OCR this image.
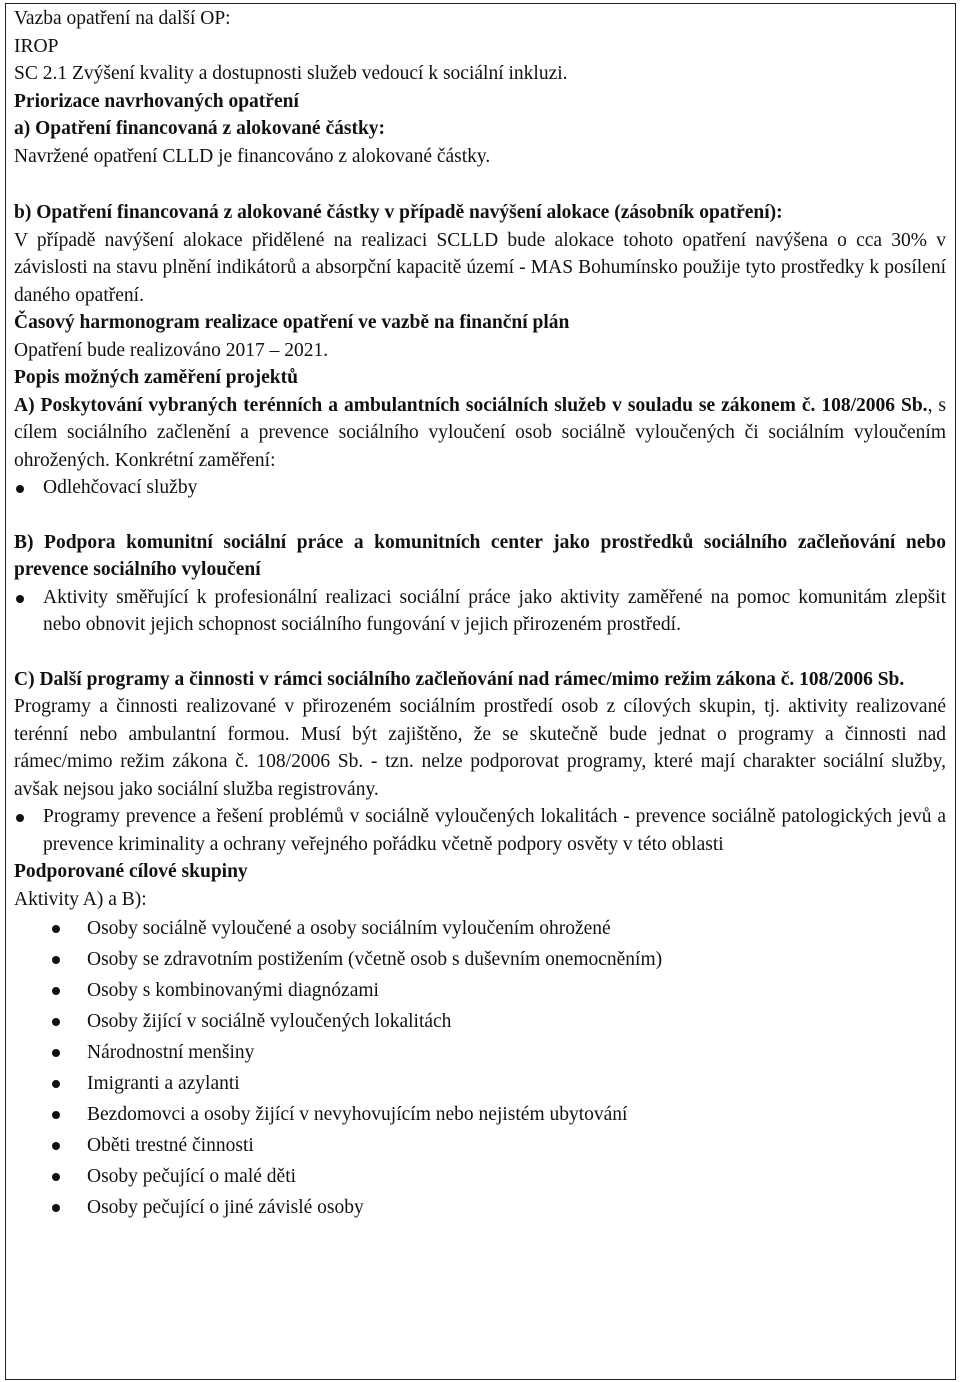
Vazba opatření na další OP:
IROP
SC 2.1 Zvýšení kvality a dostupnosti služeb vedoucí k sociální inkluzi.
Priorizace navrhovaných opatření
a) Opatření financovaná z alokované částky:
Navržené opatření CLLD je financováno z alokované částky.
b) Opatření financovaná z alokované částky v případě navýšení alokace (zásobník opatření):
V případě navýšení alokace přidělené na realizaci SCLLD bude alokace tohoto opatření navýšena o cca 30% v závislosti na stavu plnění indikátorů a absorpční kapacitě území - MAS Bohumínsko použije tyto prostředky k posílení daného opatření.
Časový harmonogram realizace opatření ve vazbě na finanční plán
Opatření bude realizováno 2017 – 2021.
Popis možných zaměření projektů
A) Poskytování vybraných terénních a ambulantních sociálních služeb v souladu se zákonem č. 108/2006 Sb., s cílem sociálního začlenění a prevence sociálního vyloučení osob sociálně vyloučených či sociálním vyloučením ohrožených. Konkrétní zaměření:
Odlehčovací služby
B) Podpora komunitní sociální práce a komunitních center jako prostředků sociálního začleňování nebo prevence sociálního vyloučení
Aktivity směřující k profesionální realizaci sociální práce jako aktivity zaměřené na pomoc komunitám zlepšit nebo obnovit jejich schopnost sociálního fungování v jejich přirozeném prostředí.
C) Další programy a činnosti v rámci sociálního začleňování nad rámec/mimo režim zákona č. 108/2006 Sb.
Programy a činnosti realizované v přirozeném sociálním prostředí osob z cílových skupin, tj. aktivity realizované terénní nebo ambulantní formou. Musí být zajištěno, že se skutečně bude jednat o programy a činnosti nad rámec/mimo režim zákona č. 108/2006 Sb. - tzn. nelze podporovat programy, které mají charakter sociální služby, avšak nejsou jako sociální služba registrovány.
Programy prevence a řešení problémů v sociálně vyloučených lokalitách - prevence sociálně patologických jevů a prevence kriminality a ochrany veřejného pořádku včetně podpory osvěty v této oblasti
Podporované cílové skupiny
Aktivity A) a B):
Osoby sociálně vyloučené a osoby sociálním vyloučením ohrožené
Osoby se zdravotním postižením (včetně osob s duševním onemocněním)
Osoby s kombinovanými diagnózami
Osoby žijící v sociálně vyloučených lokalitách
Národnostní menšiny
Imigranti a azylanti
Bezdomovci a osoby žijící v nevyhovujícím nebo nejistém ubytování
Oběti trestné činnosti
Osoby pečující o malé děti
Osoby pečující o jiné závislé osoby
